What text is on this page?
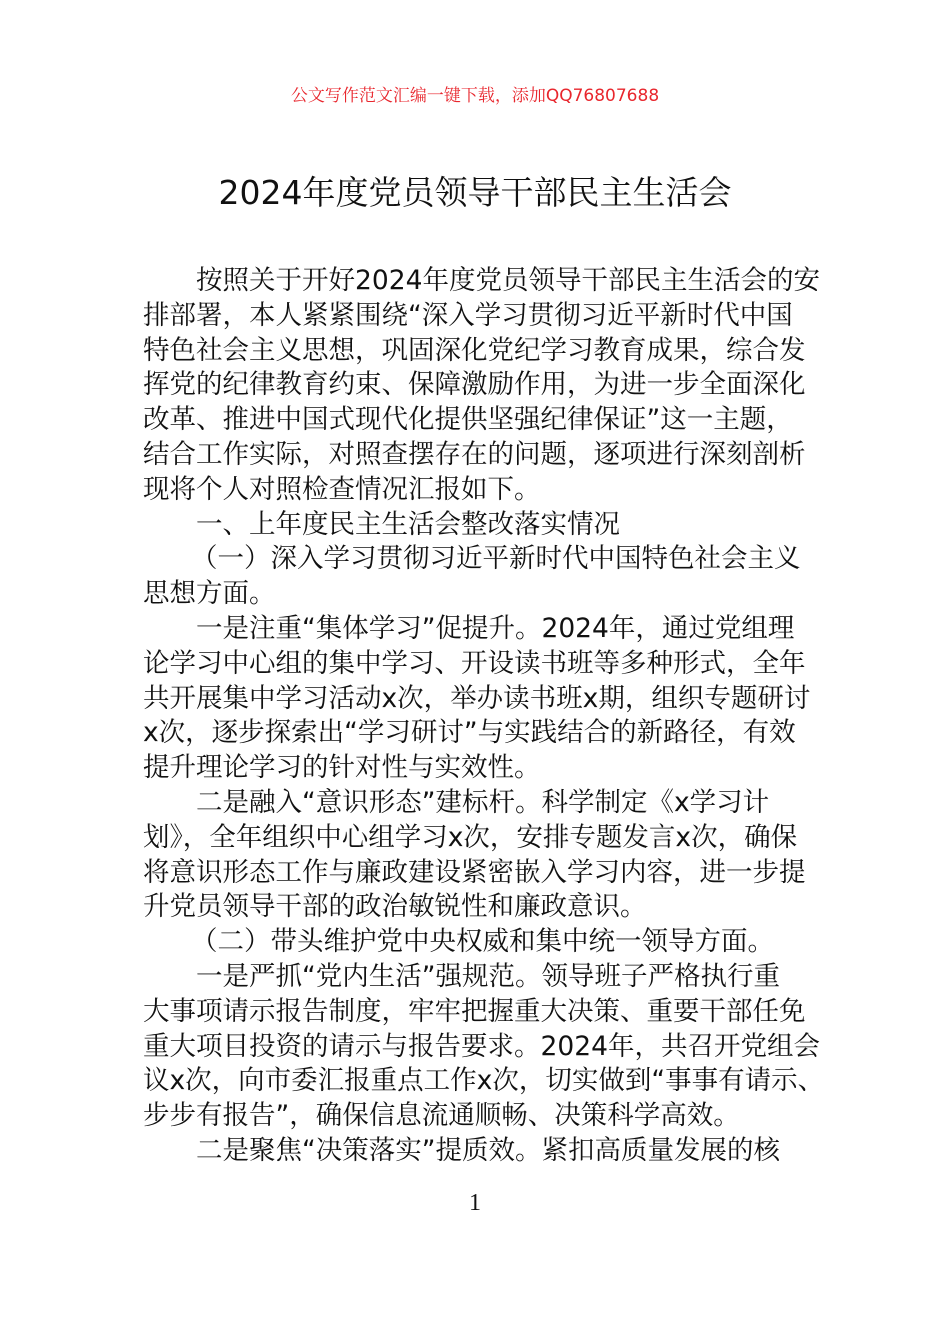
公文写作范文汇编一键下载，添加QQ76807688
2024年度党员领导干部民主生活会
按照关于开好2024年度党员领导干部民主生活会的安
排部署，本人紧紧围绕“深入学习贯彻习近平新时代中国
特色社会主义思想，巩固深化党纪学习教育成果，综合发
挥党的纪律教育约束、保障激励作用，为进一步全面深化
改革、推进中国式现代化提供坚强纪律保证”这一主题，
结合工作实际，对照查摆存在的问题，逐项进行深刻剖析
现将个人对照检查情况汇报如下。
一、上年度民主生活会整改落实情况
（一）深入学习贯彻习近平新时代中国特色社会主义
思想方面。
一是注重“集体学习”促提升。2024年，通过党组理
论学习中心组的集中学习、开设读书班等多种形式，全年
共开展集中学习活动x次，举办读书班x期，组织专题研讨
x次，逐步探索出“学习研讨”与实践结合的新路径，有效
提升理论学习的针对性与实效性。
二是融入“意识形态”建标杆。科学制定《x学习计
划》，全年组织中心组学习x次，安排专题发言x次，确保
将意识形态工作与廉政建设紧密嵌入学习内容，进一步提
升党员领导干部的政治敏锐性和廉政意识。
（二）带头维护党中央权威和集中统一领导方面。
一是严抓“党内生活”强规范。领导班子严格执行重
大事项请示报告制度，牢牢把握重大决策、重要干部任免
重大项目投资的请示与报告要求。2024年，共召开党组会
议x次，向市委汇报重点工作x次，切实做到“事事有请示、
步步有报告”，确保信息流通顺畅、决策科学高效。
二是聚焦“决策落实”提质效。紧扣高质量发展的核
1
